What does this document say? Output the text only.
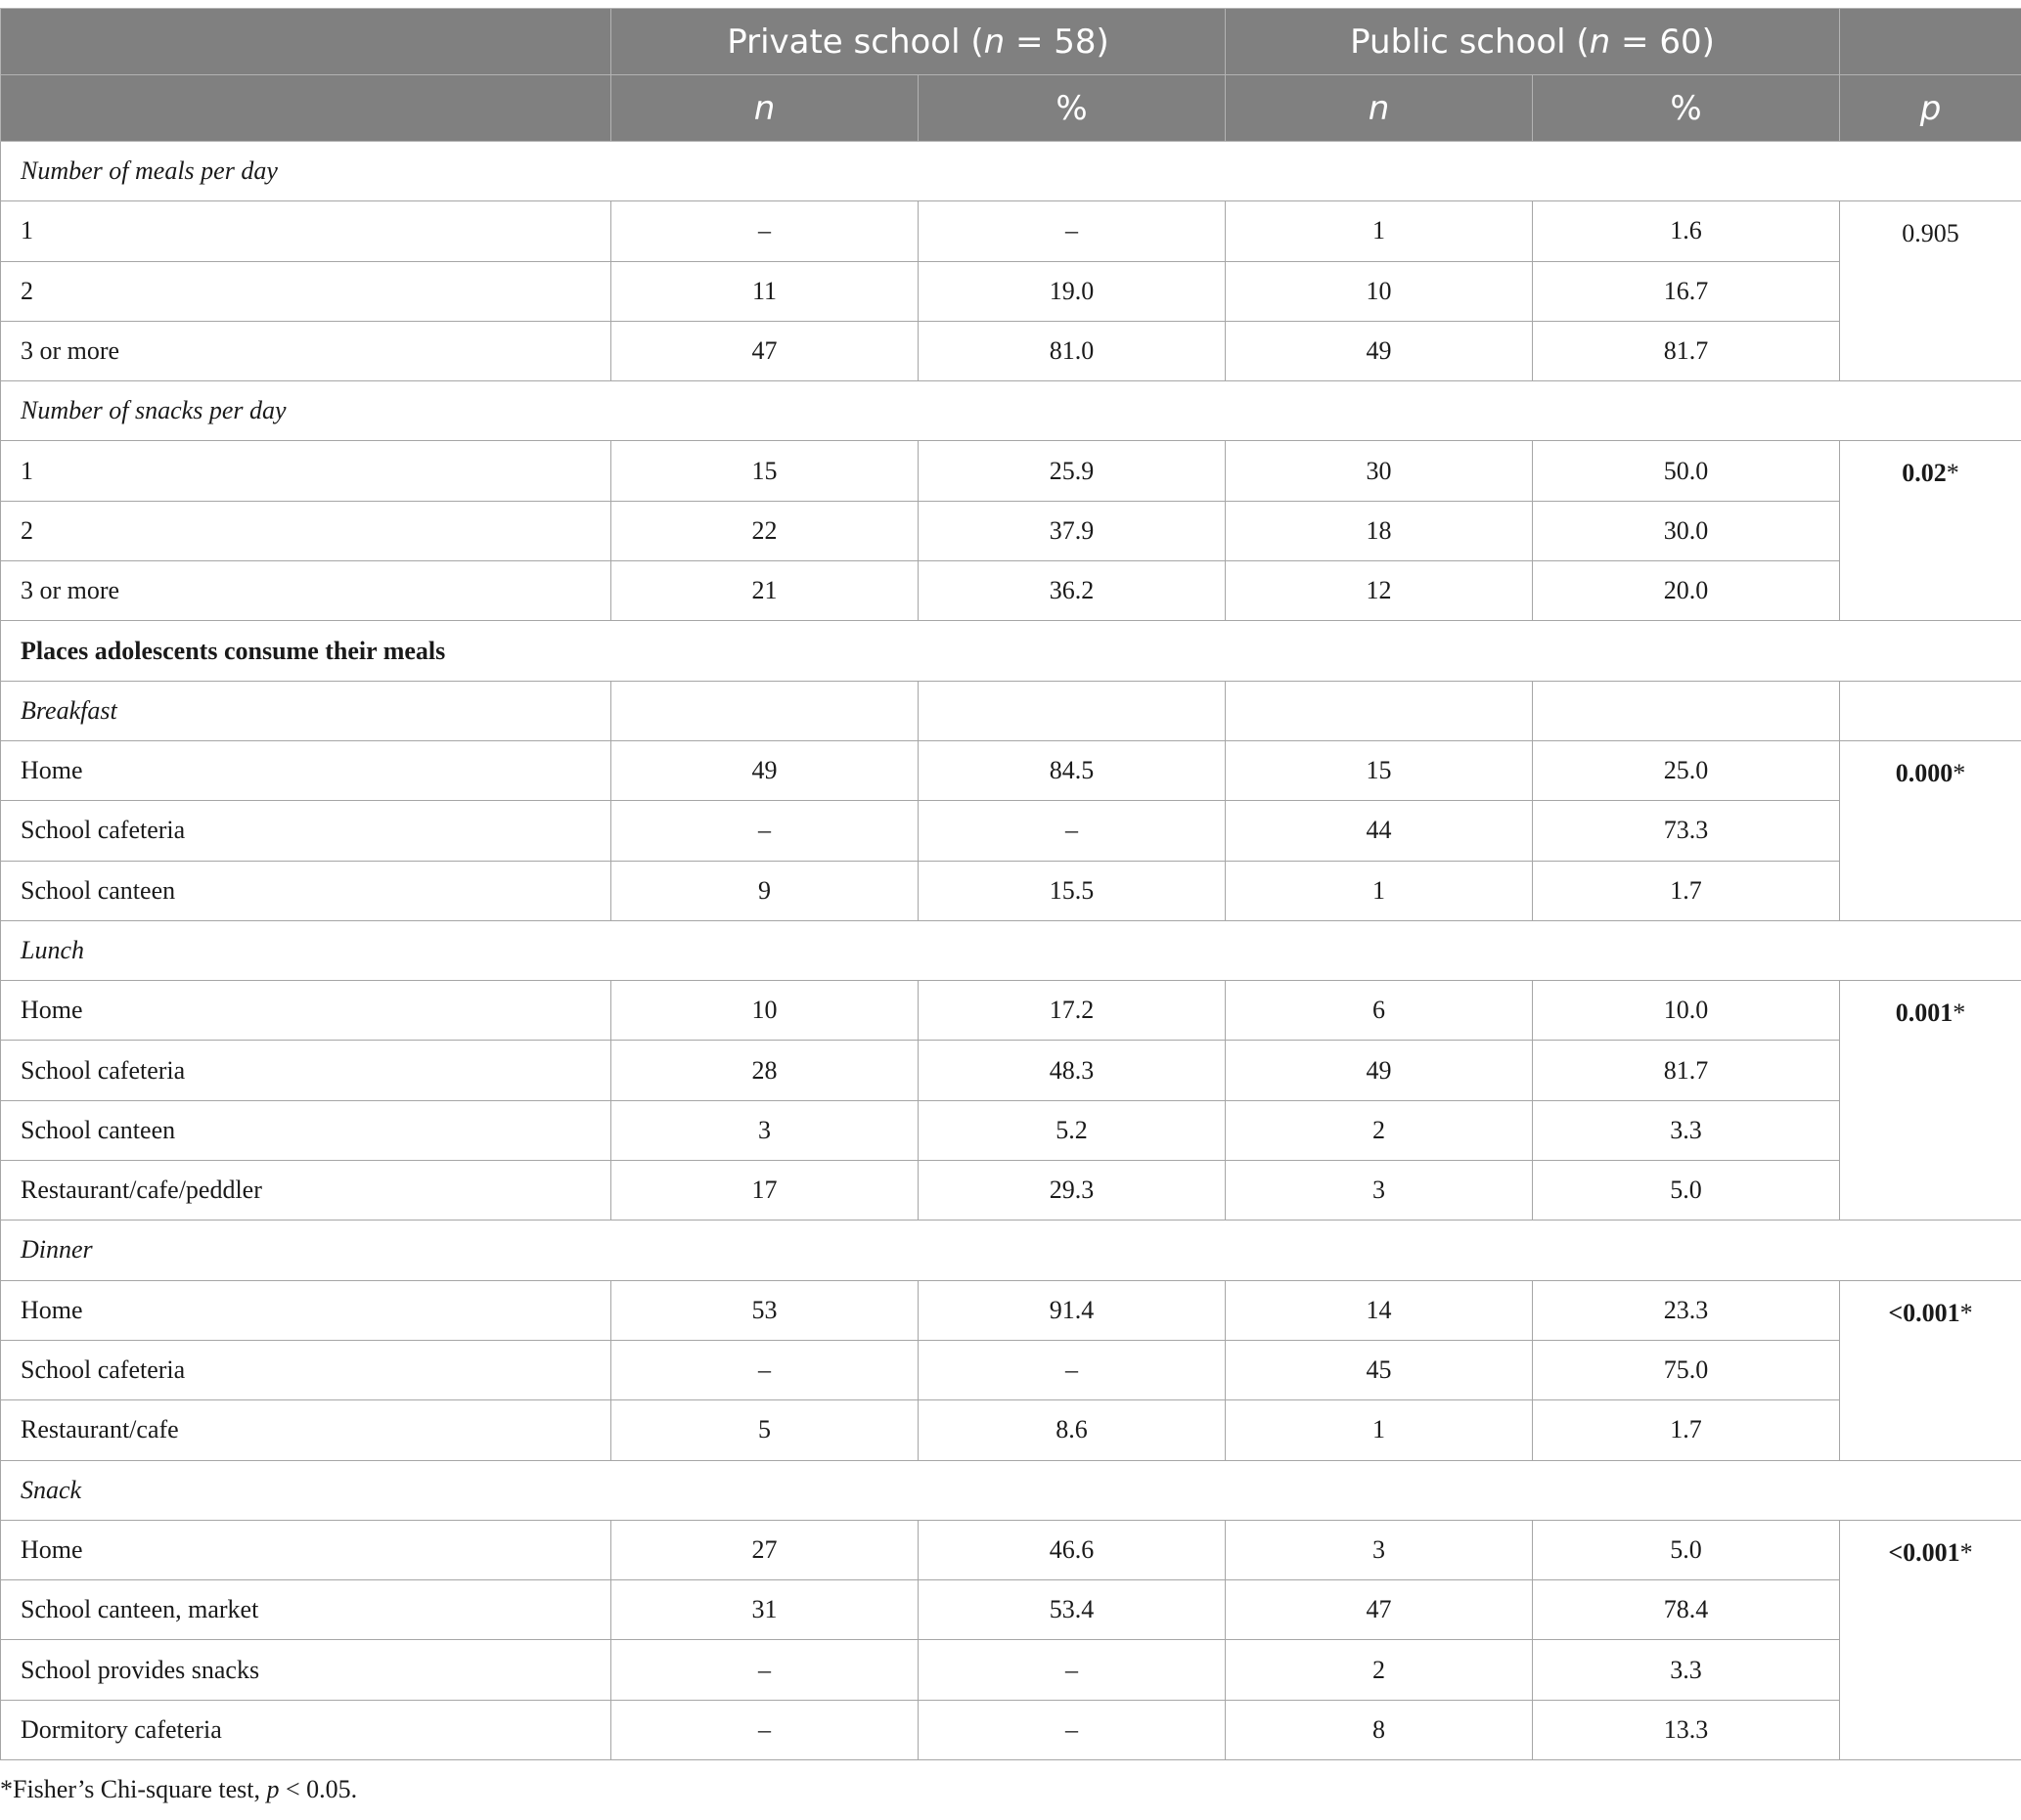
	Private school (n = 58)		Public school (n = 60)		
	n	%	n	%	p
Number of meals per day					
1	–	–	1	1.6	0.905
2	11	19.0	10	16.7	
3 or more	47	81.0	49	81.7	
Number of snacks per day					
1	15	25.9	30	50.0	0.02*
2	22	37.9	18	30.0	
3 or more	21	36.2	12	20.0	
Places adolescents consume their meals					
Breakfast					
Home	49	84.5	15	25.0	0.000*
School cafeteria	–	–	44	73.3	
School canteen	9	15.5	1	1.7	
Lunch					
Home	10	17.2	6	10.0	0.001*
School cafeteria	28	48.3	49	81.7	
School canteen	3	5.2	2	3.3	
Restaurant/cafe/peddler	17	29.3	3	5.0	
Dinner					
Home	53	91.4	14	23.3	<0.001*
School cafeteria	–	–	45	75.0	
Restaurant/cafe	5	8.6	1	1.7	
Snack					
Home	27	46.6	3	5.0	<0.001*
School canteen, market	31	53.4	47	78.4	
School provides snacks	–	–	2	3.3	
Dormitory cafeteria	–	–	8	13.3	
*Fisher’s Chi-square test, p < 0.05.
